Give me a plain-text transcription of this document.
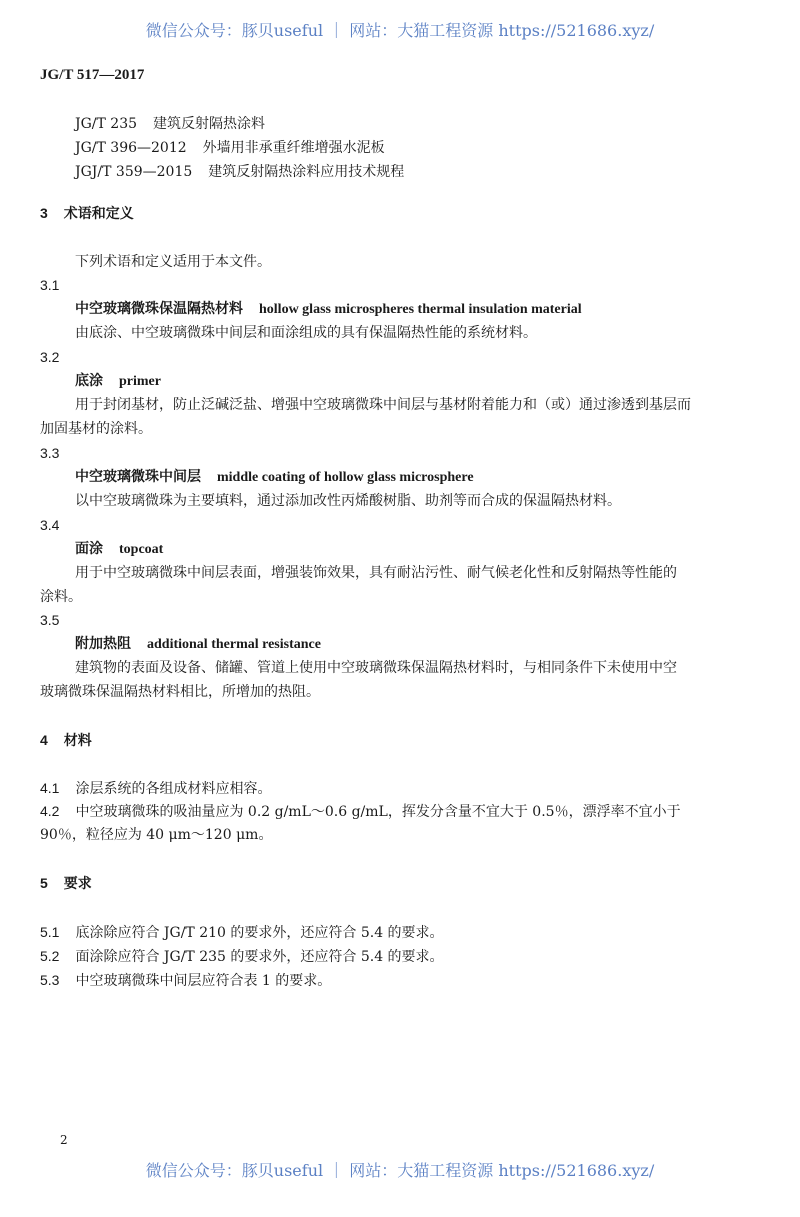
微信公众号：豚贝useful ｜ 网站：大猫工程资源 https://521686.xyz/
JG/T 517—2017
JG/T 235 建筑反射隔热涂料
JG/T 396—2012 外墙用非承重纤维增强水泥板
JGJ/T 359—2015 建筑反射隔热涂料应用技术规程
3 术语和定义
下列术语和定义适用于本文件。
3.1
中空玻璃微珠保温隔热材料 hollow glass microspheres thermal insulation material
由底涂、中空玻璃微珠中间层和面涂组成的具有保温隔热性能的系统材料。
3.2
底涂 primer
用于封闭基材，防止泛碱泛盐、增强中空玻璃微珠中间层与基材附着能力和（或）通过渗透到基层而
加固基材的涂料。
3.3
中空玻璃微珠中间层 middle coating of hollow glass microsphere
以中空玻璃微珠为主要填料，通过添加改性丙烯酸树脂、助剂等而合成的保温隔热材料。
3.4
面涂 topcoat
用于中空玻璃微珠中间层表面，增强装饰效果，具有耐沾污性、耐气候老化性和反射隔热等性能的
涂料。
3.5
附加热阻 additional thermal resistance
建筑物的表面及设备、储罐、管道上使用中空玻璃微珠保温隔热材料时，与相同条件下未使用中空
玻璃微珠保温隔热材料相比，所增加的热阻。
4 材料
4.1 涂层系统的各组成材料应相容。
4.2 中空玻璃微珠的吸油量应为 0.2 g/mL～0.6 g/mL，挥发分含量不宜大于 0.5％，漂浮率不宜小于
90％，粒径应为 40 μm～120 μm。
5 要求
5.1 底涂除应符合 JG/T 210 的要求外，还应符合 5.4 的要求。
5.2 面涂除应符合 JG/T 235 的要求外，还应符合 5.4 的要求。
5.3 中空玻璃微珠中间层应符合表 1 的要求。
2
微信公众号：豚贝useful ｜ 网站：大猫工程资源 https://521686.xyz/
